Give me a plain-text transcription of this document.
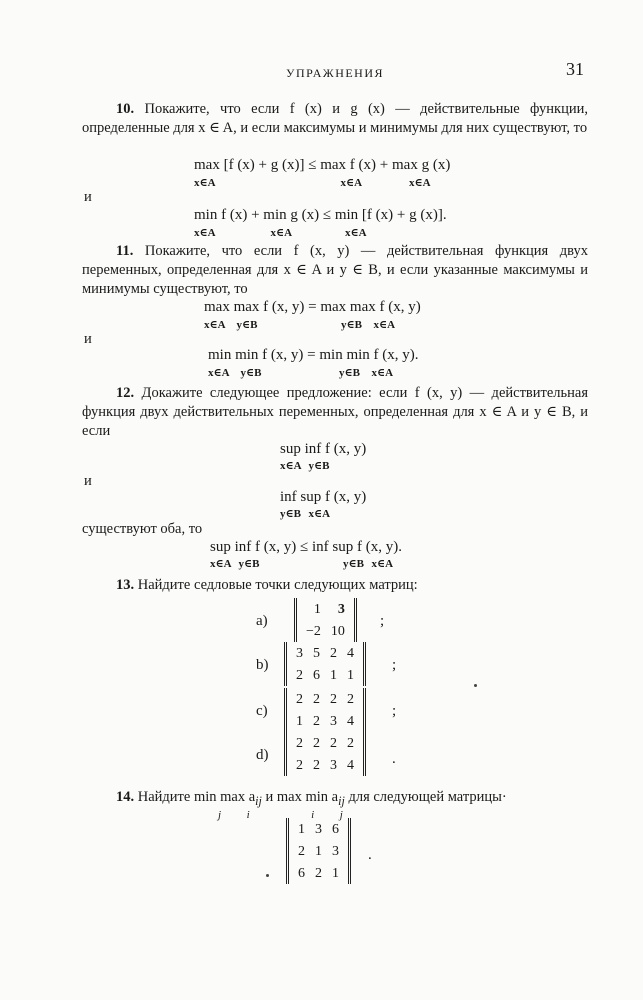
УПРАЖНЕНИЯ	31
10. Покажите, что если f (x) и g (x) — действительные функции, определенные для x ∈ A, и если максимумы и минимумы для них существуют, то
max [f (x) + g (x)] ≤ max f (x) + max g (x)
x∈A	x∈A	x∈A
и
min f (x) + min g (x) ≤ min [f (x) + g (x)].
x∈A	x∈A	x∈A
11. Покажите, что если f (x, y) — действительная функция двух переменных, определенная для x ∈ A и y ∈ B, и если указанные максимумы и минимумы существуют, то
max max f (x, y) = max max f (x, y)
x∈A y∈B	y∈B x∈A
и
min min f (x, y) = min min f (x, y).
x∈A y∈B	y∈B x∈A
12. Докажите следующее предложение: если f (x, y) — действительная функция двух действительных переменных, определенная для x ∈ A и y ∈ B, и если
sup inf f (x, y)
x∈A y∈B
и
inf sup f (x, y)
y∈B x∈A
существуют оба, то
sup inf f (x, y) ≤ inf sup f (x, y).
x∈A y∈B	y∈B x∈A
13. Найдите седловые точки следующих матриц:
a)
1	3
−2	10
;
b)
3	5	2	4
2	6	1	1
;
c)
2	2	2	2
1	2	3	4
;
d)
2	2	2	2
2	2	3	4	.
14. Найдите $\min \max a_{ij}$ и $\max \min a_{ij}$ для следующей матрицы·
j i	i j
1	3	6
2	1	3
6	2	1
.
